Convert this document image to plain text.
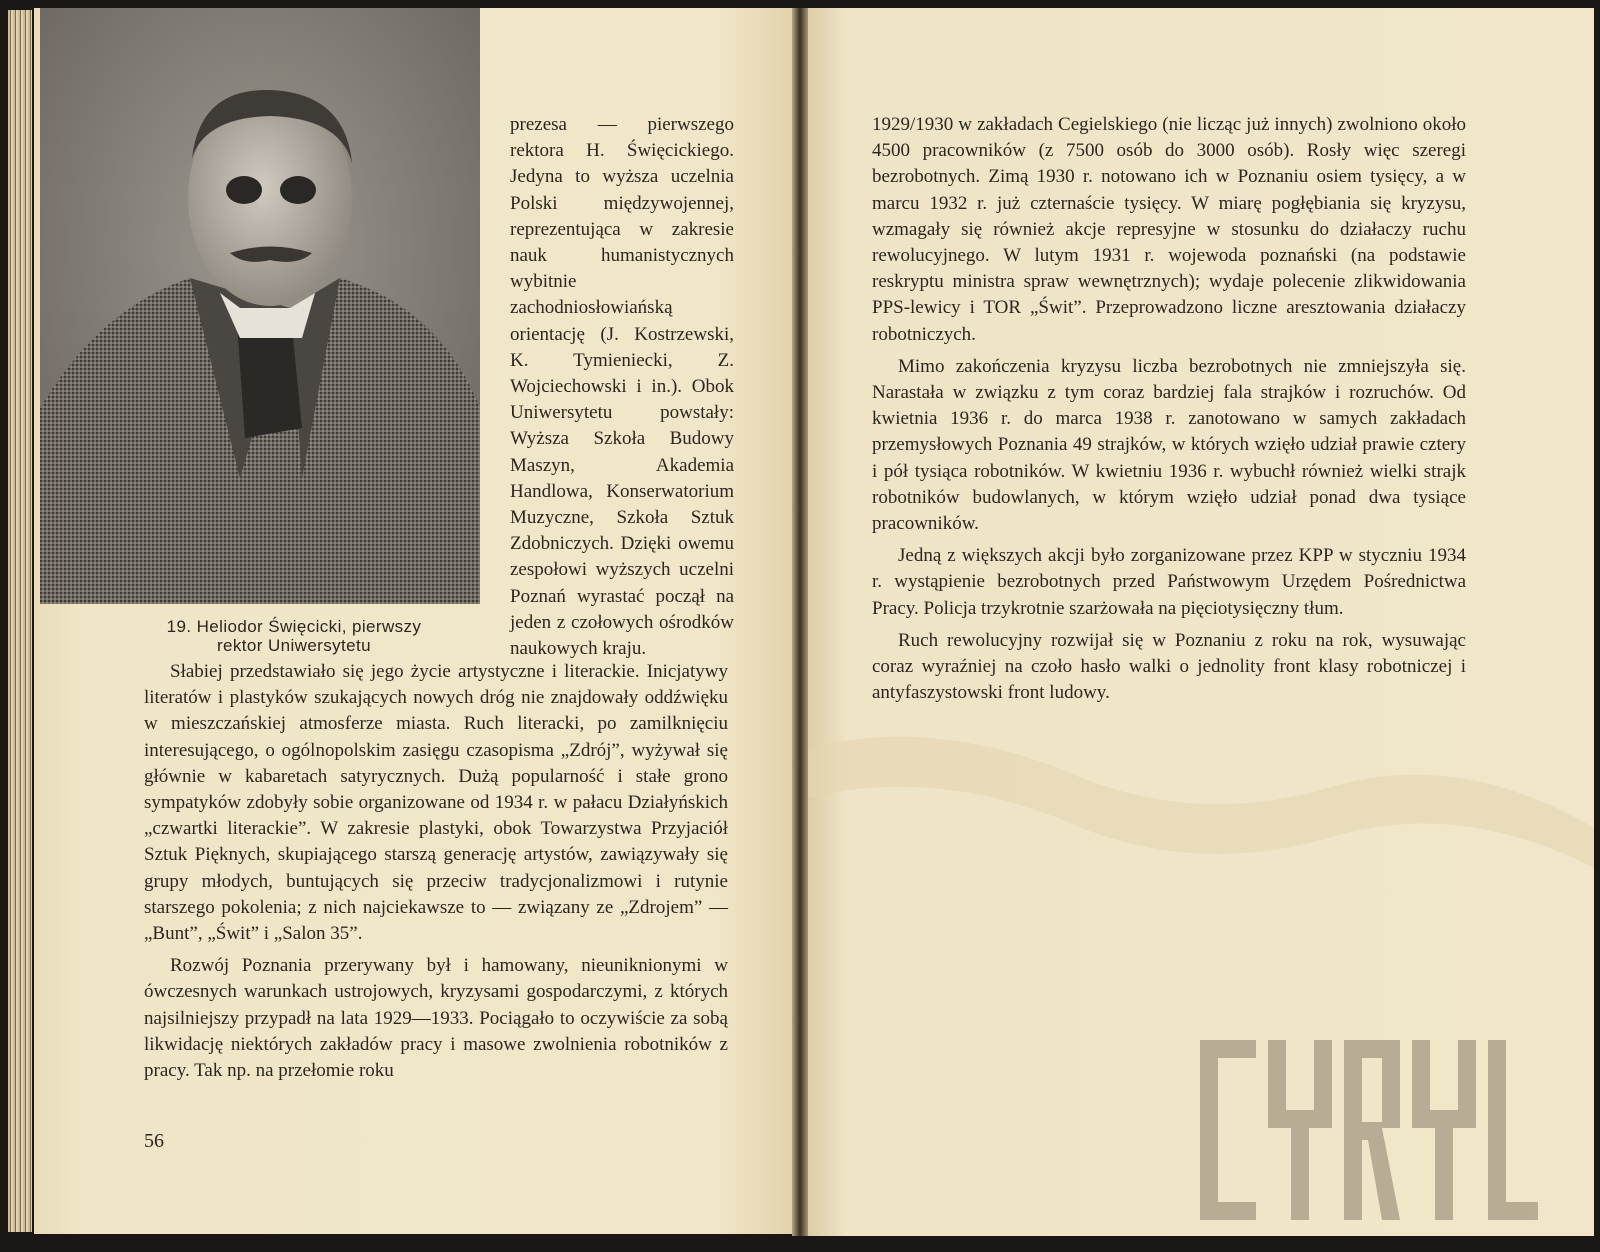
prezesa — pierwszego rektora H. Święcickiego. Jedyna to wyższa uczelnia Polski międzywojennej, reprezentująca w zakresie nauk humanistycznych wybitnie zachodniosłowiańską orientację (J. Kostrzewski, K. Tymieniecki, Z. Wojciechowski i in.). Obok Uniwersytetu powstały: Wyższa Szkoła Budowy Maszyn, Akademia Handlowa, Konserwatorium Muzyczne, Szkoła Sztuk Zdobniczych. Dzięki owemu zespołowi wyższych uczelni Poznań wyrastać począł na jeden z czołowych ośrodków naukowych kraju.

19. Heliodor Święcicki, pierwszy
rektor Uniwersytetu

Słabiej przedstawiało się jego życie artystyczne i literackie. Inicjatywy literatów i plastyków szukających nowych dróg nie znajdowały oddźwięku w mieszczańskiej atmosferze miasta. Ruch literacki, po zamilknięciu interesującego, o ogólnopolskim zasięgu czasopisma „Zdrój”, wyżywał się głównie w kabaretach satyrycznych. Dużą popularność i stałe grono sympatyków zdobyły sobie organizowane od 1934 r. w pałacu Działyńskich „czwartki literackie”. W zakresie plastyki, obok Towarzystwa Przyjaciół Sztuk Pięknych, skupiającego starszą generację artystów, zawiązywały się grupy młodych, buntujących się przeciw tradycjonalizmowi i rutynie starszego pokolenia; z nich najciekawsze to — związany ze „Zdrojem” — „Bunt”, „Świt” i „Salon 35”.

Rozwój Poznania przerywany był i hamowany, nieuniknionymi w ówczesnych warunkach ustrojowych, kryzysami gospodarczymi, z których najsilniejszy przypadł na lata 1929—1933. Pociągało to oczywiście za sobą likwidację niektórych zakładów pracy i masowe zwolnienia robotników z pracy. Tak np. na przełomie roku

56

1929/1930 w zakładach Cegielskiego (nie licząc już innych) zwolniono około 4500 pracowników (z 7500 osób do 3000 osób). Rosły więc szeregi bezrobotnych. Zimą 1930 r. notowano ich w Poznaniu osiem tysięcy, a w marcu 1932 r. już czternaście tysięcy. W miarę pogłębiania się kryzysu, wzmagały się również akcje represyjne w stosunku do działaczy ruchu rewolucyjnego. W lutym 1931 r. wojewoda poznański (na podstawie reskryptu ministra spraw wewnętrznych); wydaje polecenie zlikwidowania PPS-lewicy i TOR „Świt”. Przeprowadzono liczne aresztowania działaczy robotniczych.

Mimo zakończenia kryzysu liczba bezrobotnych nie zmniejszyła się. Narastała w związku z tym coraz bardziej fala strajków i rozruchów. Od kwietnia 1936 r. do marca 1938 r. zanotowano w samych zakładach przemysłowych Poznania 49 strajków, w których wzięło udział prawie cztery i pół tysiąca robotników. W kwietniu 1936 r. wybuchł również wielki strajk robotników budowlanych, w którym wzięło udział ponad dwa tysiące pracowników.

Jedną z większych akcji było zorganizowane przez KPP w styczniu 1934 r. wystąpienie bezrobotnych przed Państwowym Urzędem Pośrednictwa Pracy. Policja trzykrotnie szarżowała na pięciotysięczny tłum.

Ruch rewolucyjny rozwijał się w Poznaniu z roku na rok, wysuwając coraz wyraźniej na czoło hasło walki o jednolity front klasy robotniczej i antyfaszystowski front ludowy.
